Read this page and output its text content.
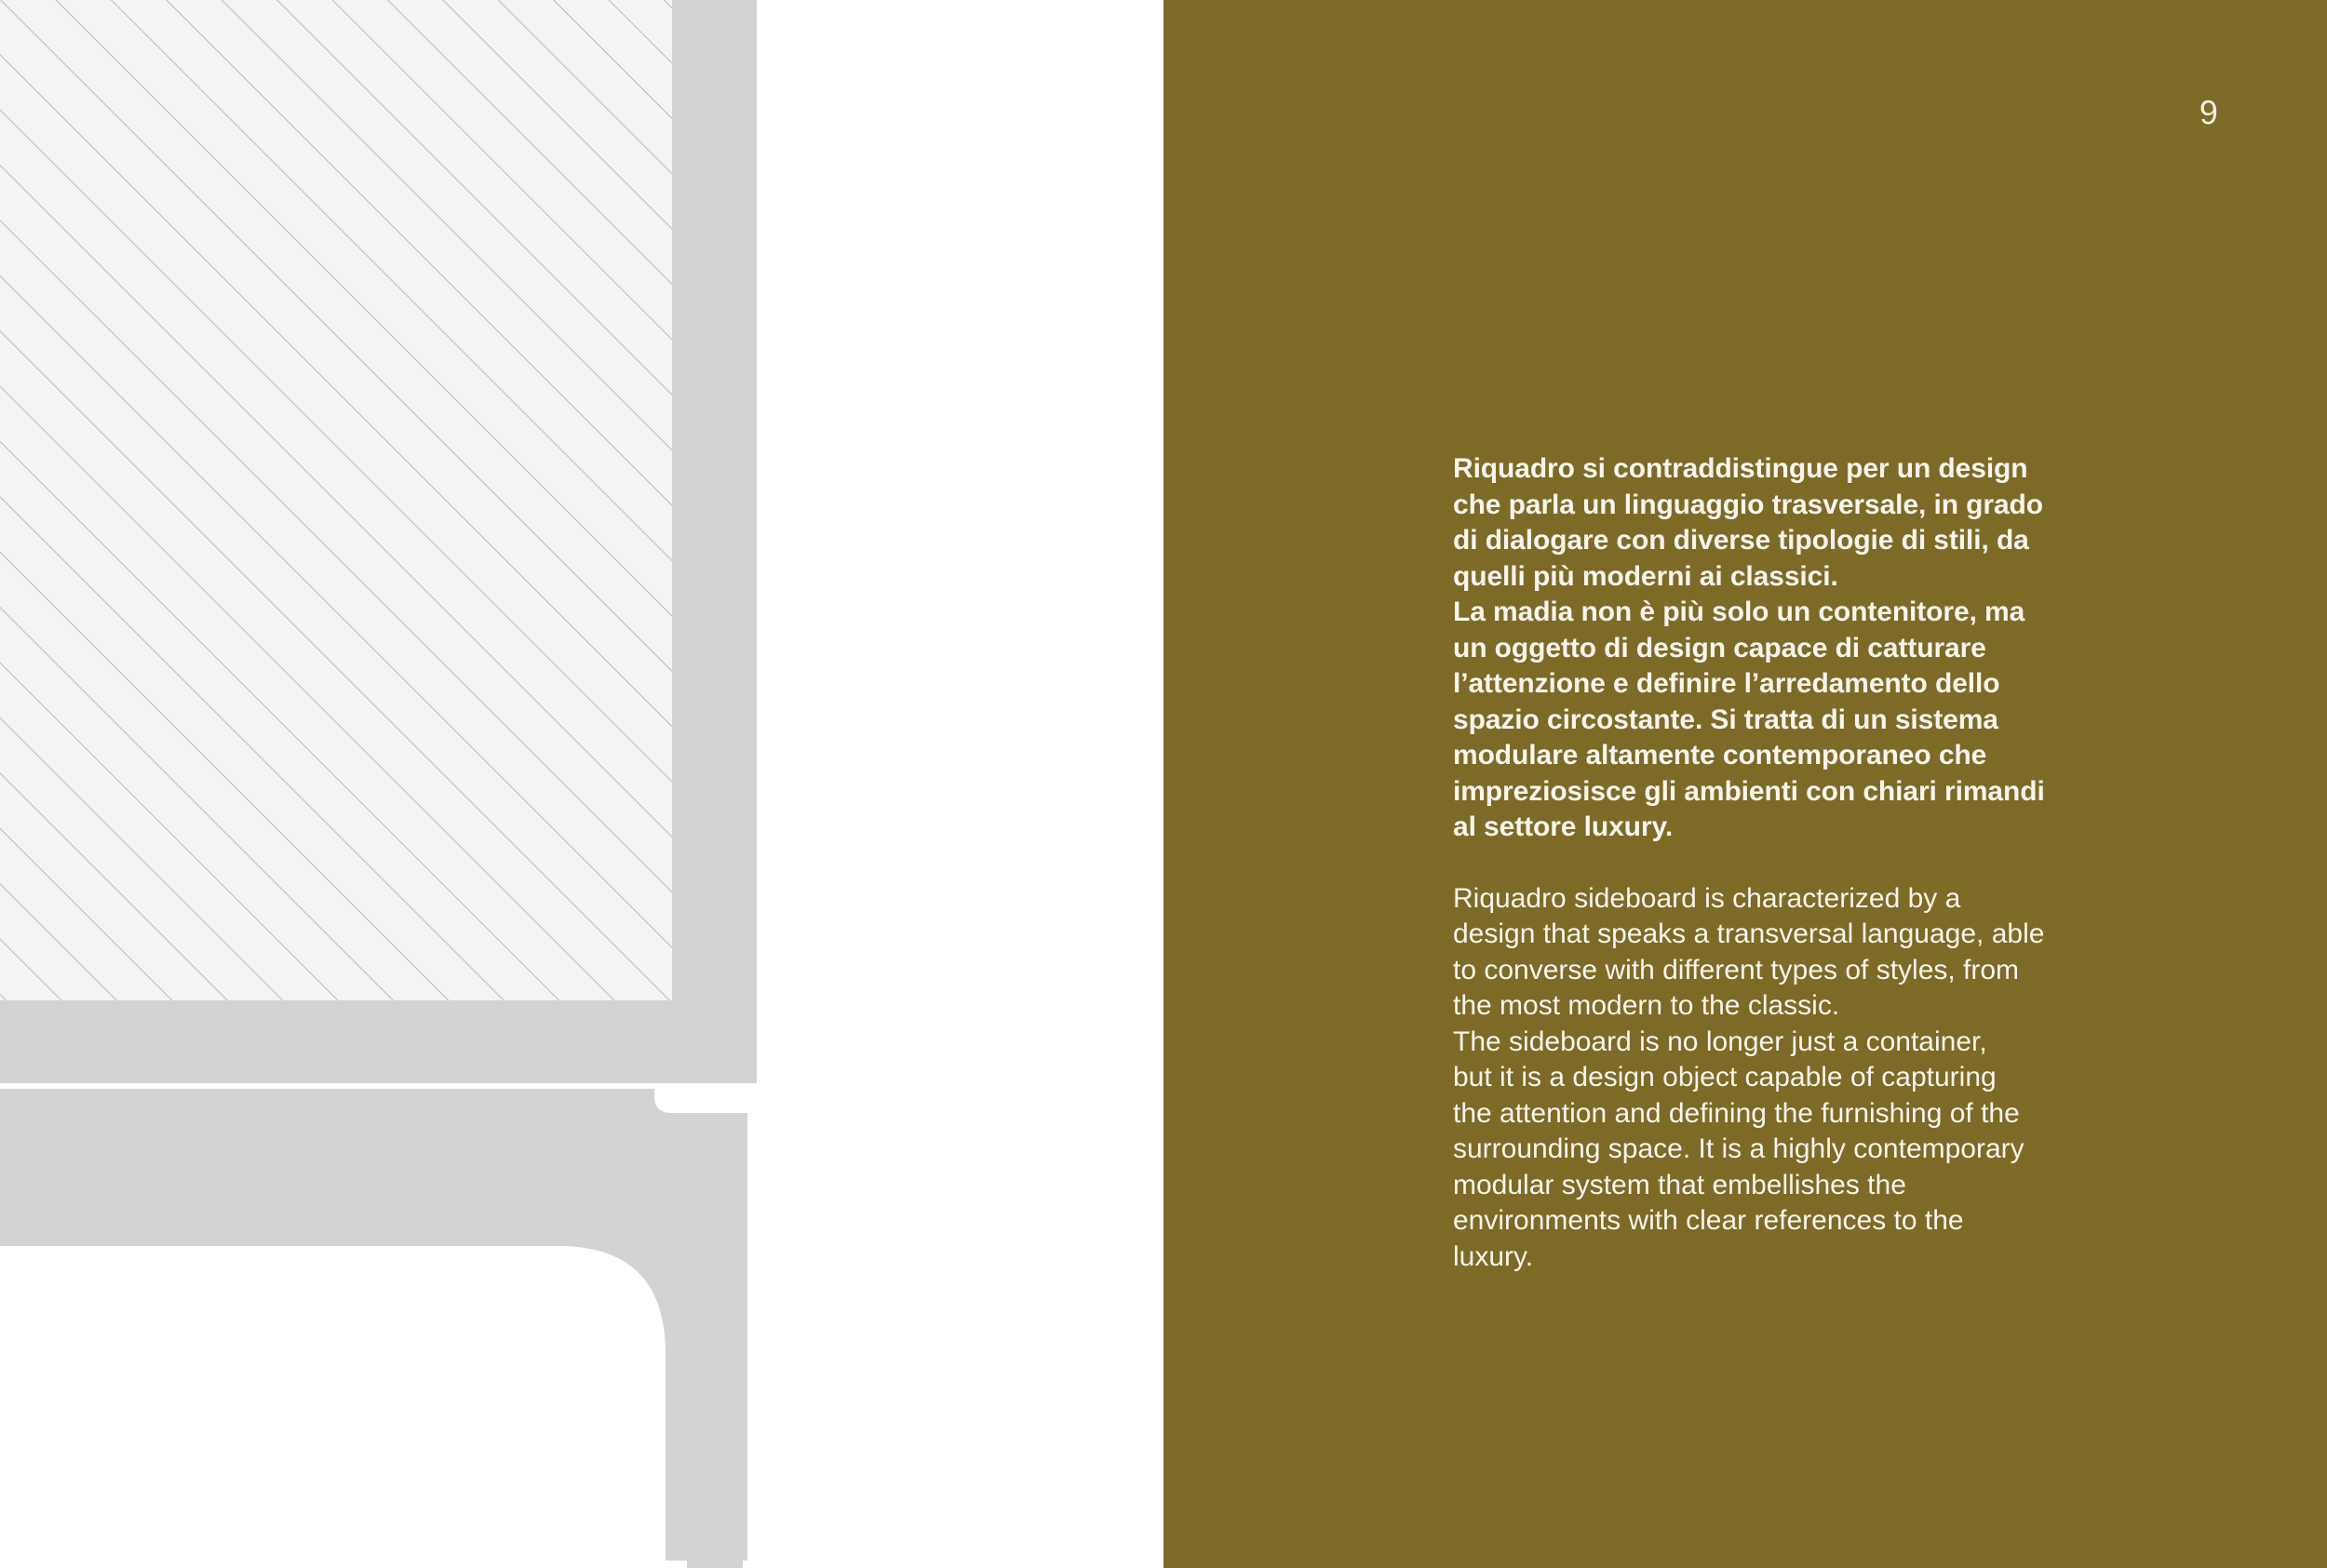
6

Riquadro si contraddistingue per un design
che parla un linguaggio trasversale, in grado
di dialogare con diverse tipologie di stili, da
quelli più moderni ai classici.
La madia non è più solo un contenitore, ma
un oggetto di design capace di catturare
l’attenzione e definire l’arredamento dello
spazio circostante. Si tratta di un sistema
modulare altamente contemporaneo che
impreziosisce gli ambienti con chiari rimandi
al settore luxury.

Riquadro sideboard is characterized by a
design that speaks a transversal language, able
to converse with different types of styles, from
the most modern to the classic.
The sideboard is no longer just a container,
but it is a design object capable of capturing
the attention and defining the furnishing of the
surrounding space. It is a highly contemporary
modular system that embellishes the
environments with clear references to the
luxury.
